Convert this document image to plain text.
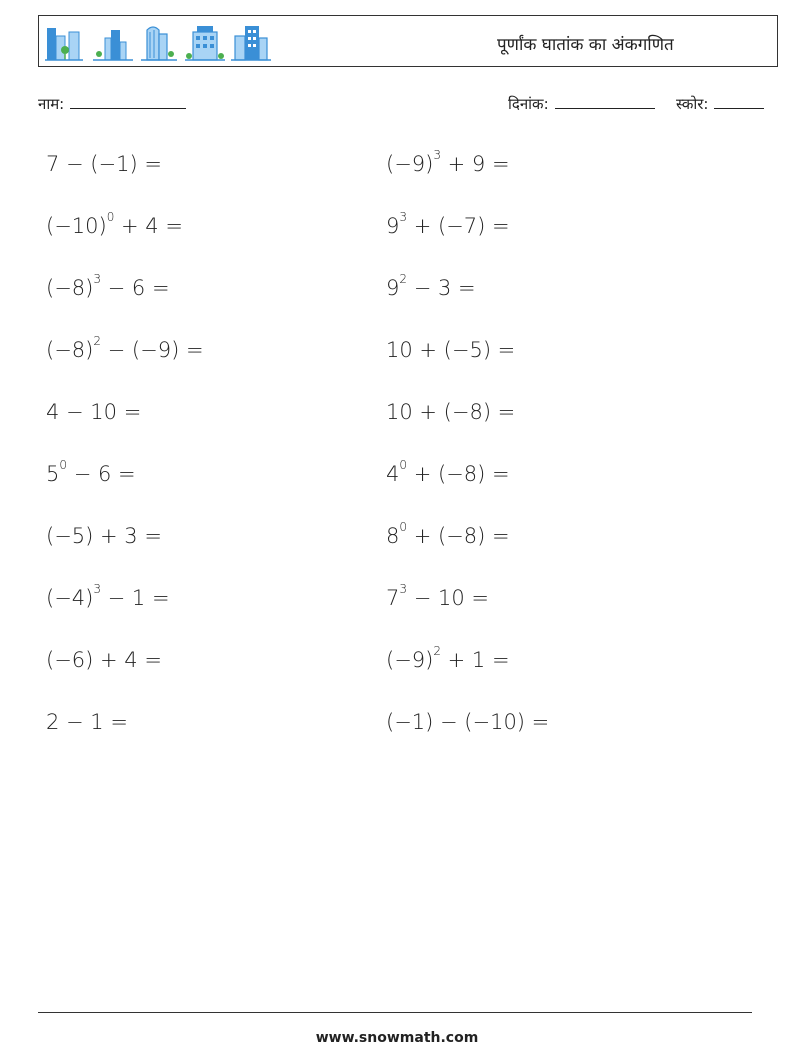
पूर्णांक घातांक का अंकगणित
नाम:	दिनांक:	स्कोर:
7 − (−1) =	$(-9)^3 + 9$ =
$(-10)^0 + 4$ =	$9^3 + (-7)$ =
$(-8)^3 - 6$ =	$9^2 - 3$ =
$(-8)^2 - (-9)$ =	10 + (−5) =
4 − 10 =	10 + (−8) =
$5^0 - 6$ =	$4^0 + (-8)$ =
(−5) + 3 =	$8^0 + (-8)$ =
$(-4)^3 - 1$ =	$7^3 - 10$ =
(−6) + 4 =	$(-9)^2 + 1$ =
2 − 1 =	(−1) − (−10) =
www.snowmath.com
